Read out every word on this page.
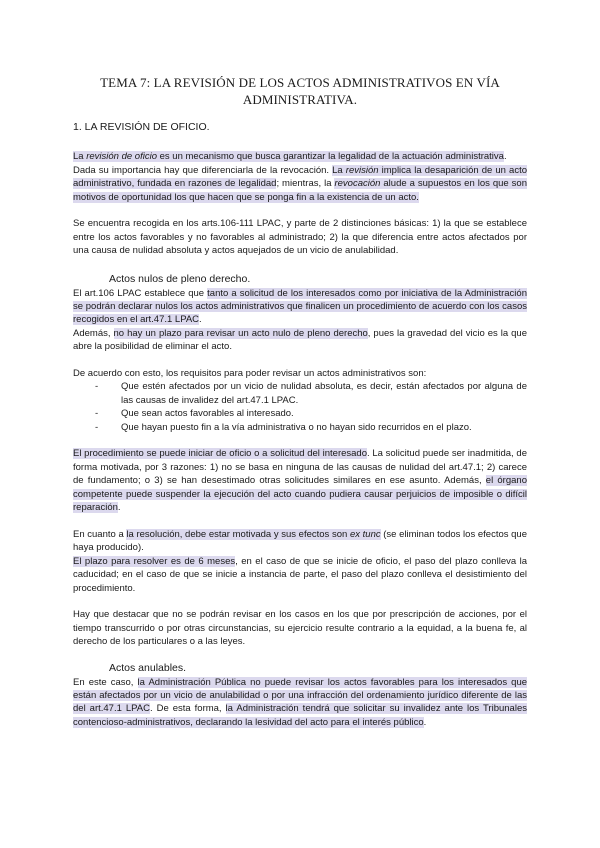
TEMA 7: LA REVISIÓN DE LOS ACTOS ADMINISTRATIVOS EN VÍA
ADMINISTRATIVA.

1. LA REVISIÓN DE OFICIO.

La revisión de oficio es un mecanismo que busca garantizar la legalidad de la actuación administrativa.

Dada su importancia hay que diferenciarla de la revocación. La revisión implica la desaparición de un acto administrativo, fundada en razones de legalidad; mientras, la revocación alude a supuestos en los que son motivos de oportunidad los que hacen que se ponga fin a la existencia de un acto.

Se encuentra recogida en los arts.106-111 LPAC, y parte de 2 distinciones básicas: 1) la que se establece entre los actos favorables y no favorables al administrado; 2) la que diferencia entre actos afectados por una causa de nulidad absoluta y actos aquejados de un vicio de anulabilidad.

Actos nulos de pleno derecho.

El art.106 LPAC establece que tanto a solicitud de los interesados como por iniciativa de la Administración se podrán declarar nulos los actos administrativos que finalicen un procedimiento de acuerdo con los casos recogidos en el art.47.1 LPAC.

Además, no hay un plazo para revisar un acto nulo de pleno derecho, pues la gravedad del vicio es la que abre la posibilidad de eliminar el acto.

De acuerdo con esto, los requisitos para poder revisar un actos administrativos son:

- Que estén afectados por un vicio de nulidad absoluta, es decir, están afectados por alguna de las causas de invalidez del art.47.1 LPAC.
- Que sean actos favorables al interesado.
- Que hayan puesto fin a la vía administrativa o no hayan sido recurridos en el plazo.

El procedimiento se puede iniciar de oficio o a solicitud del interesado. La solicitud puede ser inadmitida, de forma motivada, por 3 razones: 1) no se basa en ninguna de las causas de nulidad del art.47.1; 2) carece de fundamento; o 3) se han desestimado otras solicitudes similares en ese asunto. Además, el órgano competente puede suspender la ejecución del acto cuando pudiera causar perjuicios de imposible o difícil reparación.

En cuanto a la resolución, debe estar motivada y sus efectos son ex tunc (se eliminan todos los efectos que haya producido).

El plazo para resolver es de 6 meses, en el caso de que se inicie de oficio, el paso del plazo conlleva la caducidad; en el caso de que se inicie a instancia de parte, el paso del plazo conlleva el desistimiento del procedimiento.

Hay que destacar que no se podrán revisar en los casos en los que por prescripción de acciones, por el tiempo transcurrido o por otras circunstancias, su ejercicio resulte contrario a la equidad, a la buena fe, al derecho de los particulares o a las leyes.

Actos anulables.

En este caso, la Administración Pública no puede revisar los actos favorables para los interesados que están afectados por un vicio de anulabilidad o por una infracción del ordenamiento jurídico diferente de las del art.47.1 LPAC. De esta forma, la Administración tendrá que solicitar su invalidez ante los Tribunales contencioso-administrativos, declarando la lesividad del acto para el interés público.
